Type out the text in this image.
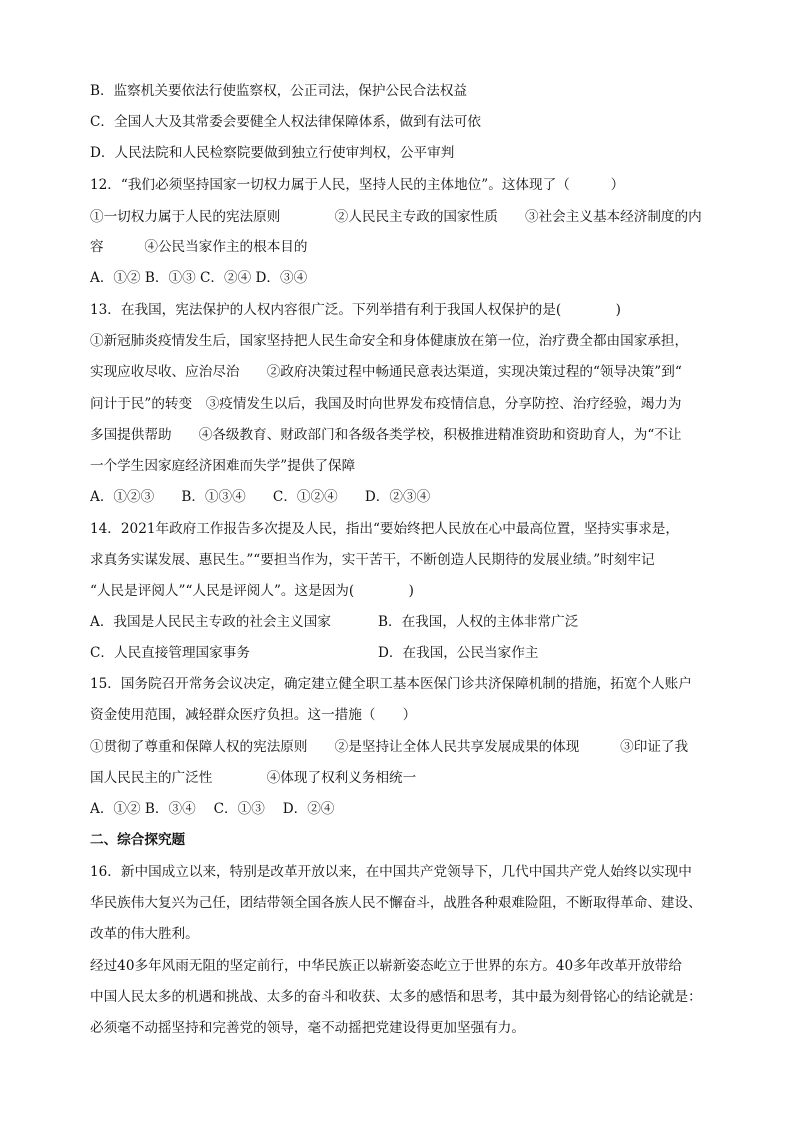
B．监察机关要依法行使监察权，公正司法，保护公民合法权益
C．全国人大及其常委会要健全人权法律保障体系，做到有法可依
D．人民法院和人民检察院要做到独立行使审判权，公平审判
12．“我们必须坚持国家一切权力属于人民，坚持人民的主体地位”。这体现了（　　　）
①一切权力属于人民的宪法原则　　　　②人民民主专政的国家性质　　③社会主义基本经济制度的内
容　　　④公民当家作主的根本目的
A．①② B．①③ C．②④ D．③④
13．在我国，宪法保护的人权内容很广泛。下列举措有利于我国人权保护的是(　　　　)
①新冠肺炎疫情发生后，国家坚持把人民生命安全和身体健康放在第一位，治疗费全都由国家承担，
实现应收尽收、应治尽治　　②政府决策过程中畅通民意表达渠道，实现决策过程的“领导决策”到“
问计于民”的转变　③疫情发生以后，我国及时向世界发布疫情信息，分享防控、治疗经验，竭力为
多国提供帮助　　④各级教育、财政部门和各级各类学校，积极推进精准资助和资助育人，为“不让
一个学生因家庭经济困难而失学”提供了保障
A．①②③　　B．①③④　　C．①②④　　D．②③④
14．2021年政府工作报告多次提及人民，指出“要始终把人民放在心中最高位置，坚持实事求是，
求真务实谋发展、惠民生。”“要担当作为，实干苦干，不断创造人民期待的发展业绩。”时刻牢记
“人民是评阅人”“人民是评阅人”。这是因为(　　　　)
A．我国是人民民主专政的社会主义国家	B．在我国，人权的主体非常广泛
C．人民直接管理国家事务	D．在我国，公民当家作主
15．国务院召开常务会议决定，确定建立健全职工基本医保门诊共济保障机制的措施，拓宽个人账户
资金使用范围，减轻群众医疗负担。这一措施（　　）
①贯彻了尊重和保障人权的宪法原则　　②是坚持让全体人民共享发展成果的体现　　　③印证了我
国人民民主的广泛性　　　　④体现了权利义务相统一
A．①② B．③④　 C．①③　 D．②④
二、综合探究题
16．新中国成立以来，特别是改革开放以来，在中国共产党领导下，几代中国共产党人始终以实现中
华民族伟大复兴为己任，团结带领全国各族人民不懈奋斗，战胜各种艰难险阻，不断取得革命、建设、
改革的伟大胜利。
经过40多年风雨无阻的坚定前行，中华民族正以崭新姿态屹立于世界的东方。40多年改革开放带给
中国人民太多的机遇和挑战、太多的奋斗和收获、太多的感悟和思考，其中最为刻骨铭心的结论就是：
必须毫不动摇坚持和完善党的领导，毫不动摇把党建设得更加坚强有力。
